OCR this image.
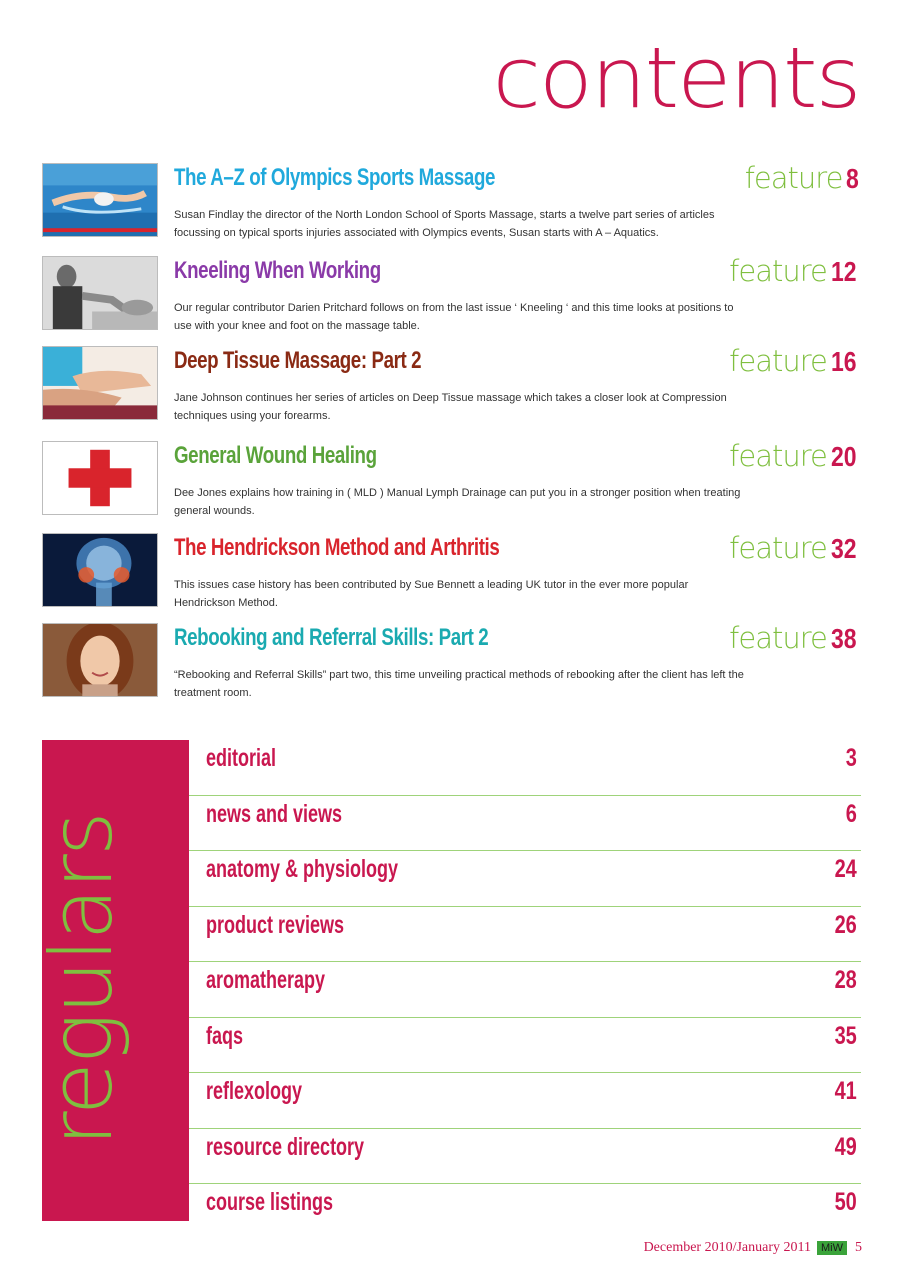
contents
The A–Z of Olympics Sports Massage	feature 8

Susan Findlay the director of the North London School of Sports Massage, starts a twelve part series of articles focussing on typical sports injuries associated with Olympics events, Susan starts with A – Aquatics.

Kneeling When Working	feature 12

Our regular contributor Darien Pritchard follows on from the last issue ‘ Kneeling ‘ and this time looks at positions to use with your knee and foot on the massage table.

Deep Tissue Massage: Part 2	feature 16

Jane Johnson continues her series of articles on Deep Tissue massage which takes a closer look at Compression techniques using your forearms.

General Wound Healing	feature 20

Dee Jones explains how training in ( MLD ) Manual Lymph Drainage can put you in a stronger position when treating general wounds.

The Hendrickson Method and Arthritis	feature 32

This issues case history has been contributed by Sue Bennett a leading UK tutor in the ever more popular Hendrickson Method.

Rebooking and Referral Skills: Part 2	feature 38

“Rebooking and Referral Skills” part two, this time unveiling practical methods of rebooking after the client has left the treatment room.

regulars
editorial	3
news and views	6
anatomy & physiology	24
product reviews	26
aromatherapy	28
faqs	35
reflexology	41
resource directory	49
course listings	50
December 2010/January 2011 MiW 5
